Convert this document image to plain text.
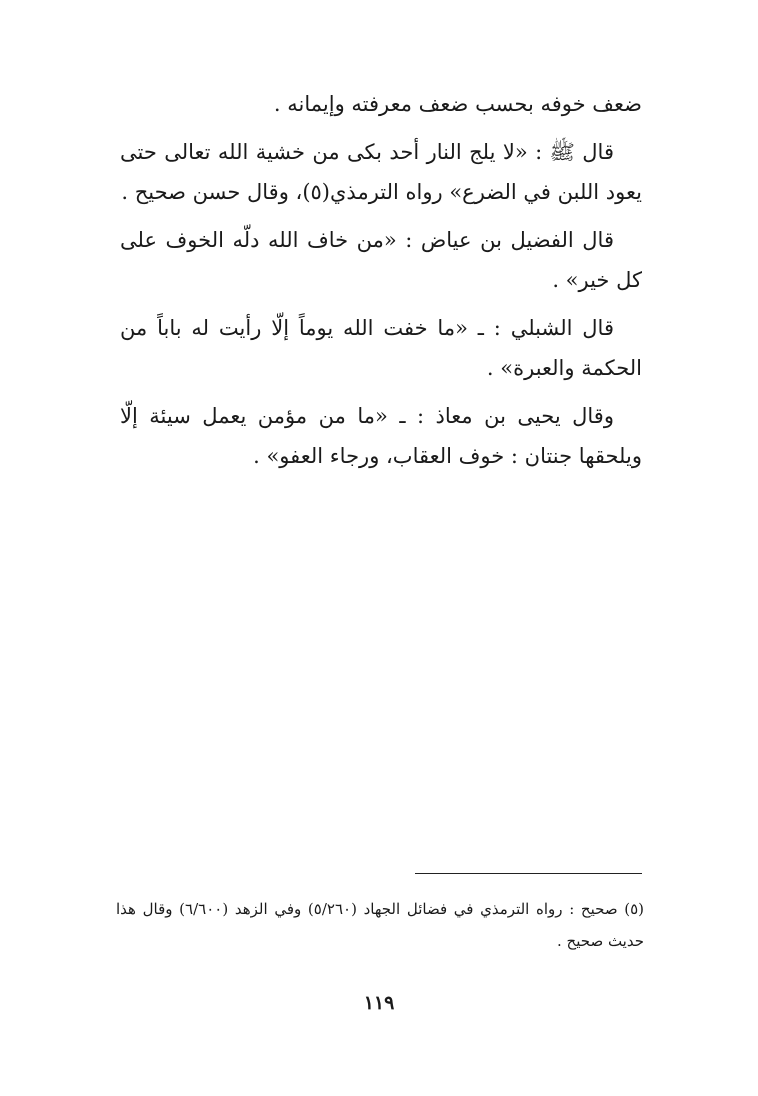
ضعف خوفه بحسب ضعف معرفته وإيمانه .

قال ﷺ : «لا يلج النار أحد بكى من خشية الله تعالى حتى يعود اللبن في الضرع» رواه الترمذي(٥)، وقال حسن صحيح .

قال الفضيل بن عياض : «من خاف الله دلّه الخوف على كل خير» .

قال الشبلي : ـ «ما خفت الله يوماً إلّا رأيت له باباً من الحكمة والعبرة» .

وقال يحيى بن معاذ : ـ «ما من مؤمن يعمل سيئة إلّا ويلحقها جنتان : خوف العقاب، ورجاء العفو» .

(٥) صحيح : رواه الترمذي في فضائل الجهاد (٥/٢٦٠) وفي الزهد (٦/٦٠٠) وقال هذا حديث صحيح .
١١٩
